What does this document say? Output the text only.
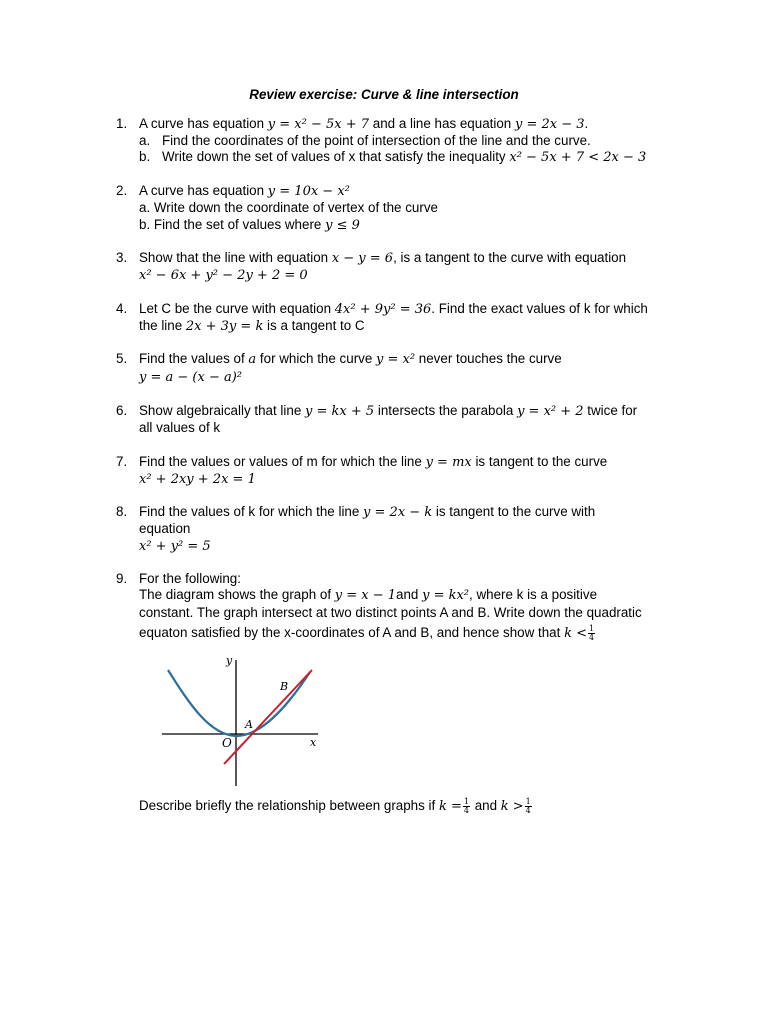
Review exercise: Curve & line intersection
1. A curve has equation y = x² − 5x + 7 and a line has equation y = 2x − 3.
a. Find the coordinates of the point of intersection of the line and the curve.
b. Write down the set of values of x that satisfy the inequality x² − 5x + 7 < 2x − 3
2. A curve has equation y = 10x − x²
a. Write down the coordinate of vertex of the curve
b. Find the set of values where y ≤ 9
3. Show that the line with equation x − y = 6, is a tangent to the curve with equation
x² − 6x + y² − 2y + 2 = 0
4. Let C be the curve with equation 4x² + 9y² = 36. Find the exact values of k for which
the line 2x + 3y = k is a tangent to C
5. Find the values of a for which the curve y = x² never touches the curve
y = a − (x − a)²
6. Show algebraically that line y = kx + 5 intersects the parabola y = x² + 2 twice for
all values of k
7. Find the values or values of m for which the line y = mx is tangent to the curve
x² + 2xy + 2x = 1
8. Find the values of k for which the line y = 2x − k is tangent to the curve with
equation
x² + y² = 5
9. For the following:
The diagram shows the graph of y = x − 1and y = kx², where k is a positive
constant. The graph intersect at two distinct points A and B. Write down the quadratic
equaton satisfied by the x-coordinates of A and B, and hence show that $k < \frac{1}{4}$
y
x
O
A
B
Describe briefly the relationship between graphs if $k = \frac{1}{4}$ and $k > \frac{1}{4}$
